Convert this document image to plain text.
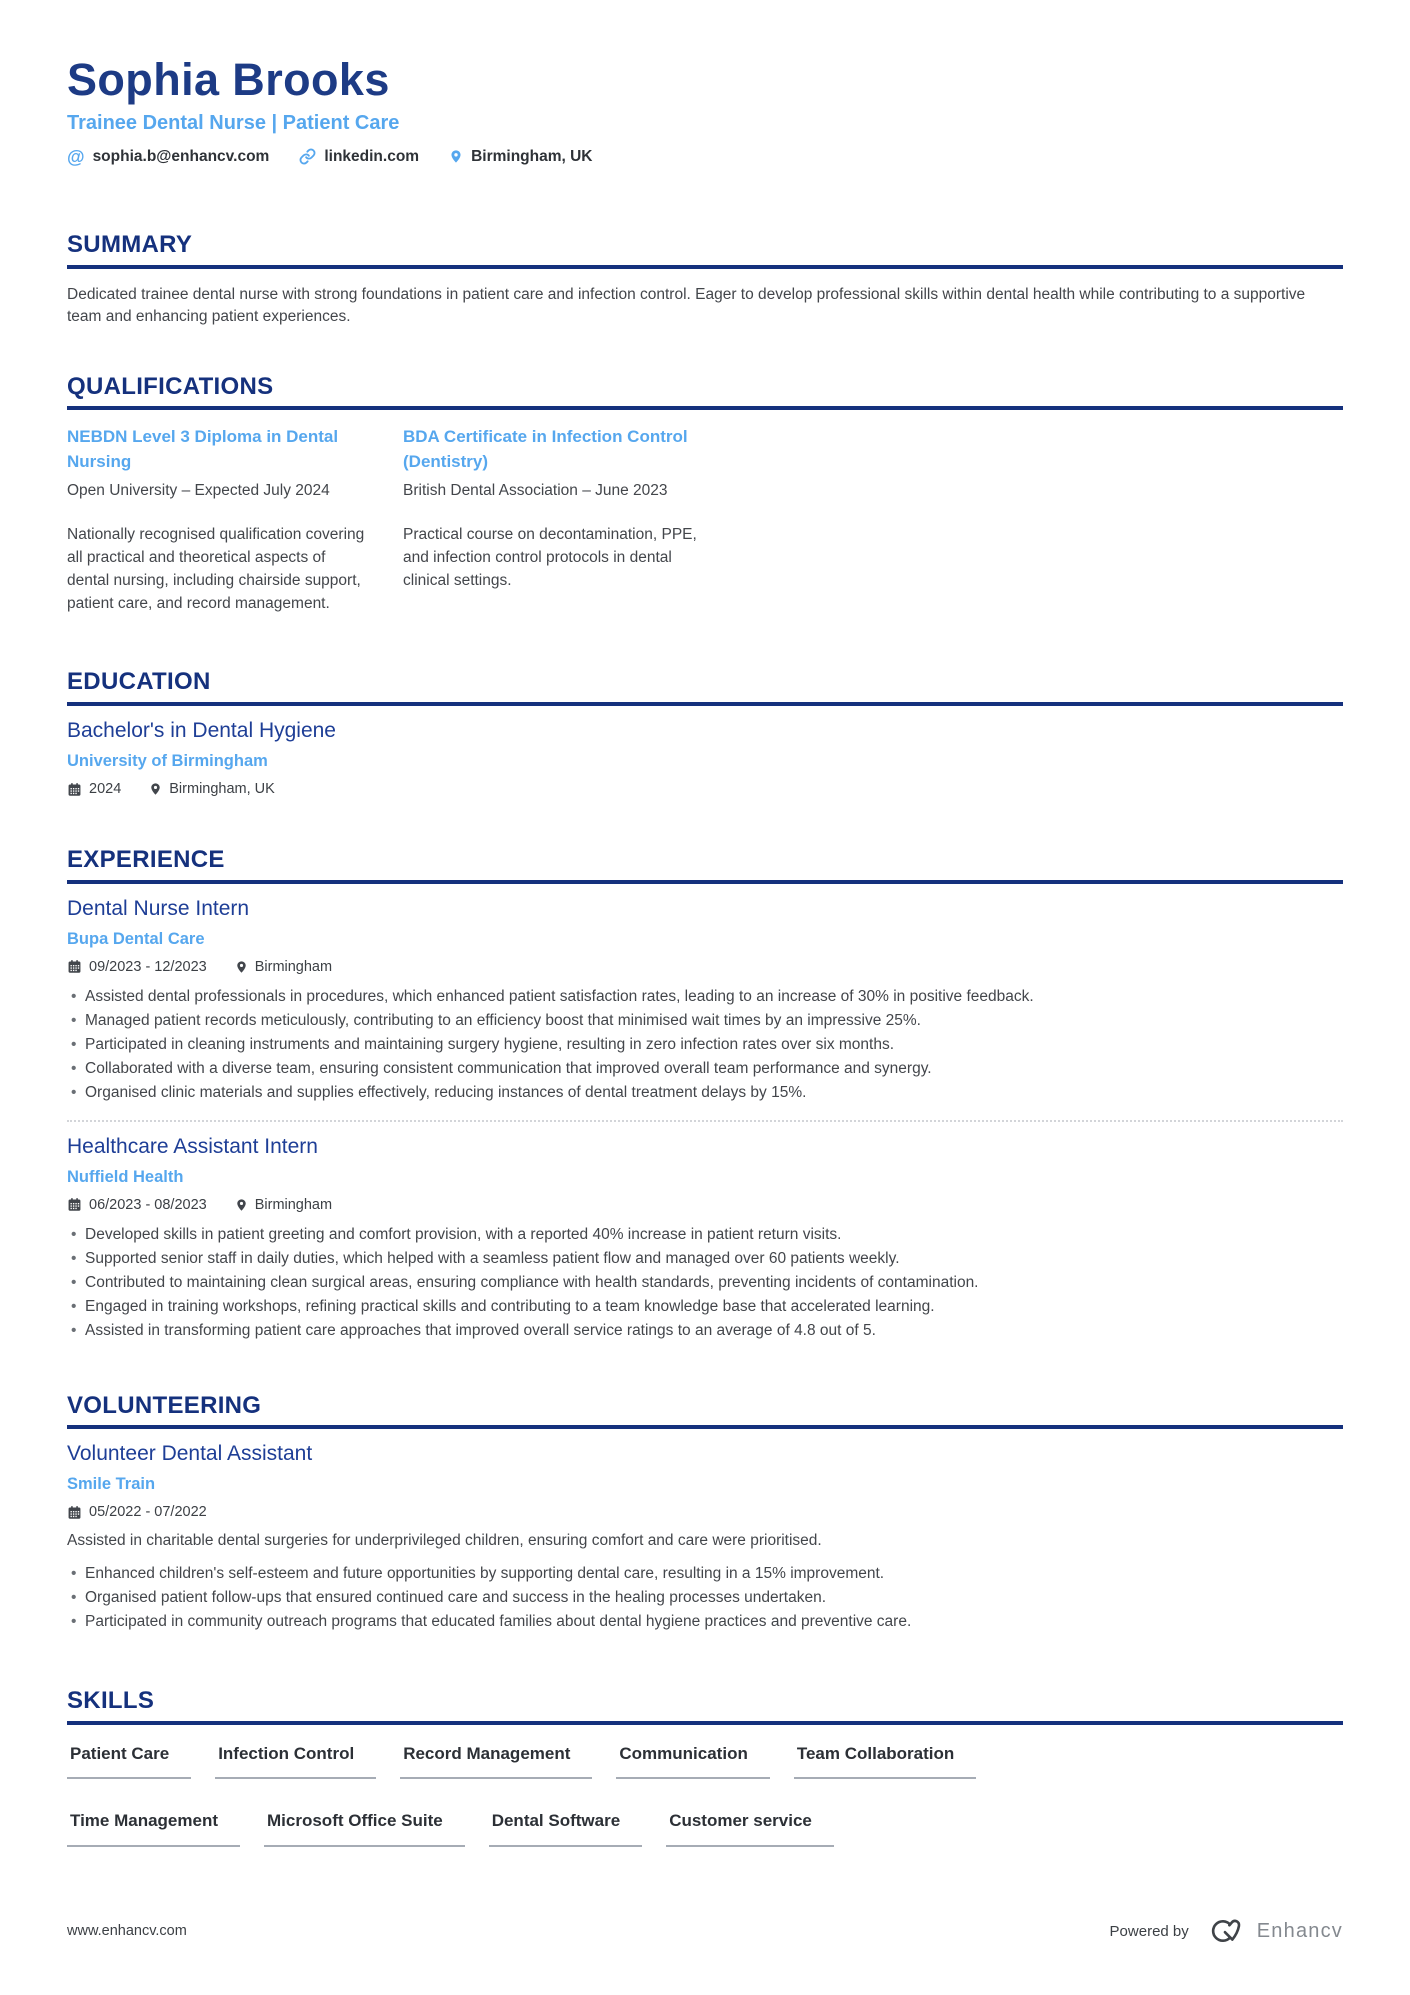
Sophia Brooks
Trainee Dental Nurse | Patient Care
@ sophia.b@enhancv.com	linkedin.com	Birmingham, UK
SUMMARY

Dedicated trainee dental nurse with strong foundations in patient care and infection control. Eager to develop professional skills within dental health while contributing to a supportive team and enhancing patient experiences.

QUALIFICATIONS
NEBDN Level 3 Diploma in Dental Nursing
Open University – Expected July 2024
Nationally recognised qualification covering all practical and theoretical aspects of dental nursing, including chairside support, patient care, and record management.
BDA Certificate in Infection Control (Dentistry)
British Dental Association – June 2023
Practical course on decontamination, PPE, and infection control protocols in dental clinical settings.
EDUCATION
Bachelor's in Dental Hygiene
University of Birmingham
2024	Birmingham, UK
EXPERIENCE
Dental Nurse Intern
Bupa Dental Care
09/2023 - 12/2023	Birmingham
• Assisted dental professionals in procedures, which enhanced patient satisfaction rates, leading to an increase of 30% in positive feedback.
• Managed patient records meticulously, contributing to an efficiency boost that minimised wait times by an impressive 25%.
• Participated in cleaning instruments and maintaining surgery hygiene, resulting in zero infection rates over six months.
• Collaborated with a diverse team, ensuring consistent communication that improved overall team performance and synergy.
• Organised clinic materials and supplies effectively, reducing instances of dental treatment delays by 15%.
Healthcare Assistant Intern
Nuffield Health
06/2023 - 08/2023	Birmingham
• Developed skills in patient greeting and comfort provision, with a reported 40% increase in patient return visits.
• Supported senior staff in daily duties, which helped with a seamless patient flow and managed over 60 patients weekly.
• Contributed to maintaining clean surgical areas, ensuring compliance with health standards, preventing incidents of contamination.
• Engaged in training workshops, refining practical skills and contributing to a team knowledge base that accelerated learning.
• Assisted in transforming patient care approaches that improved overall service ratings to an average of 4.8 out of 5.
VOLUNTEERING
Volunteer Dental Assistant
Smile Train
05/2022 - 07/2022
Assisted in charitable dental surgeries for underprivileged children, ensuring comfort and care were prioritised.
• Enhanced children's self-esteem and future opportunities by supporting dental care, resulting in a 15% improvement.
• Organised patient follow-ups that ensured continued care and success in the healing processes undertaken.
• Participated in community outreach programs that educated families about dental hygiene practices and preventive care.
SKILLS
Patient Care	Infection Control	Record Management	Communication	Team Collaboration
Time Management	Microsoft Office Suite	Dental Software	Customer service
www.enhancv.com	Powered by	Enhancv
